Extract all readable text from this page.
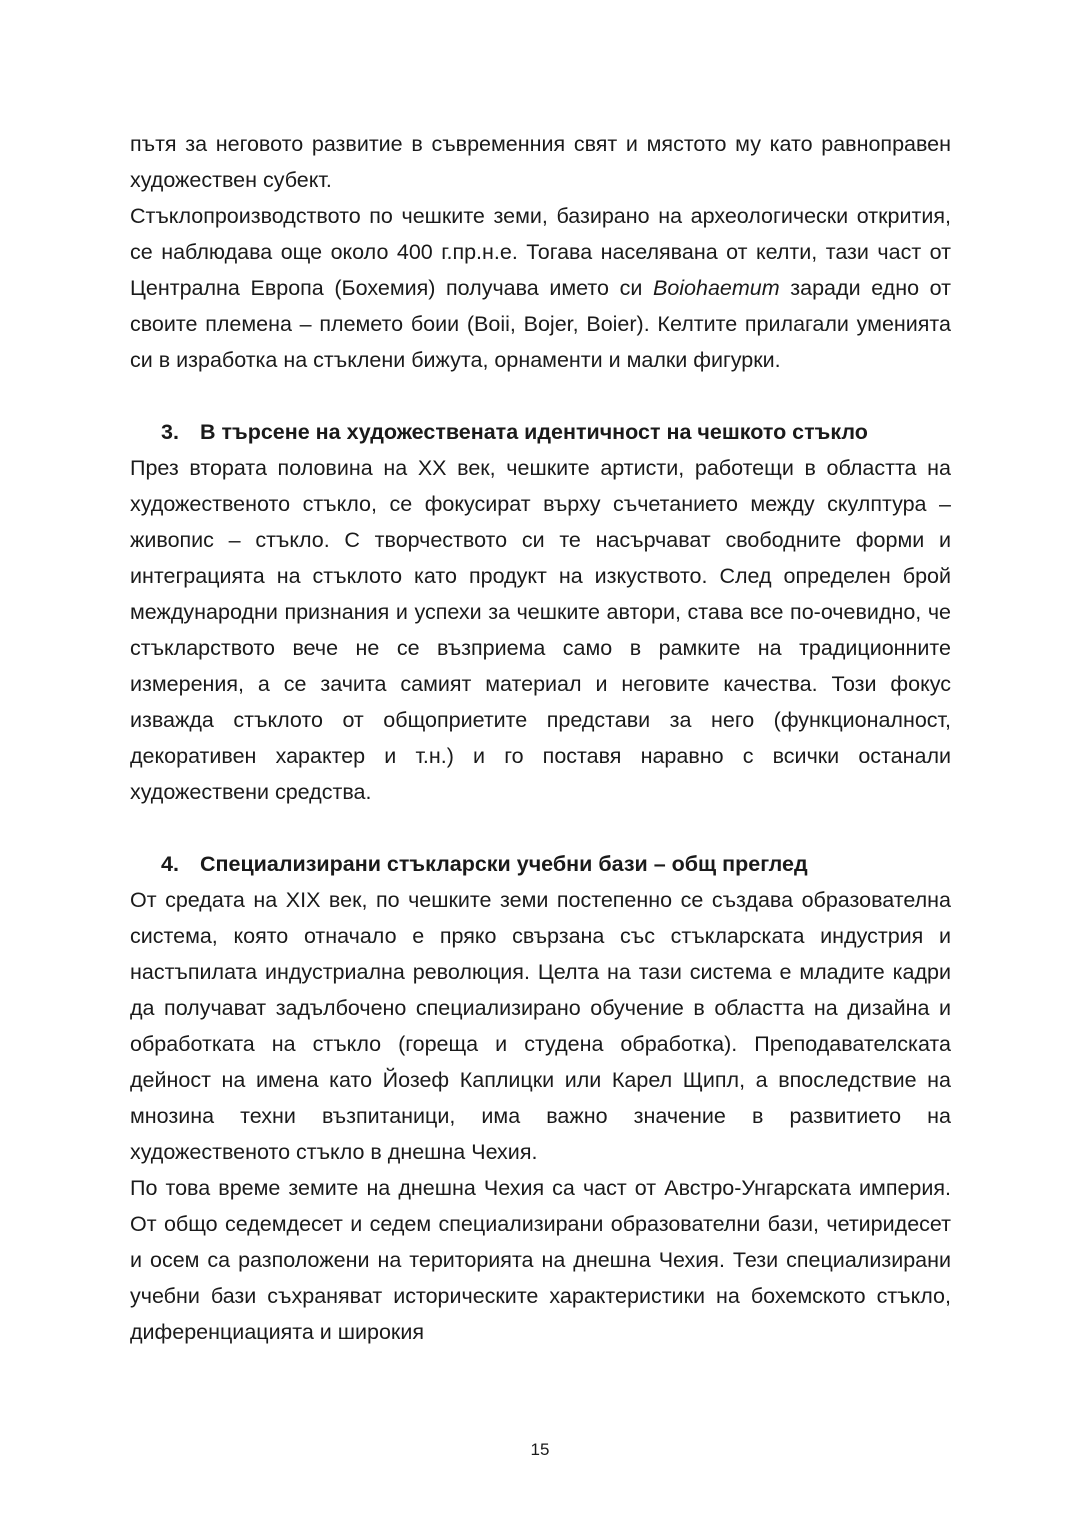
пътя за неговото развитие в съвременния свят и мястото му като равноправен художествен субект.

Стъклопроизводството по чешките земи, базирано на археологически открития, се наблюдава още около 400 г.пр.н.е. Тогава населявана от келти, тази част от Централна Европа (Бохемия) получава името си Boiohaemum заради едно от своите племена – племето боии (Boii, Bojer, Boier). Келтите прилагали уменията си в изработка на стъклени бижута, орнаменти и малки фигурки.

3. В търсене на художествената идентичност на чешкото стъкло

През втората половина на XX век, чешките артисти, работещи в областта на художественото стъкло, се фокусират върху съчетанието между скулптура – живопис – стъкло. С творчеството си те насърчават свободните форми и интеграцията на стъклото като продукт на изкуството. След определен брой международни признания и успехи за чешките автори, става все по-очевидно, че стъкларството вече не се възприема само в рамките на традиционните измерения, а се зачита самият материал и неговите качества. Този фокус изважда стъклото от общоприетите представи за него (функционалност, декоративен характер и т.н.) и го поставя наравно с всички останали художествени средства.

4. Специализирани стъкларски учебни бази – общ преглед

От средата на XIX век, по чешките земи постепенно се създава образователна система, която отначало е пряко свързана със стъкларската индустрия и настъпилата индустриална революция. Целта на тази система е младите кадри да получават задълбочено специализирано обучение в областта на дизайна и обработката на стъкло (гореща и студена обработка). Преподавателската дейност на имена като Йозеф Каплицки или Карел Щипл, а впоследствие на мнозина техни възпитаници, има важно значение в развитието на художественото стъкло в днешна Чехия.

По това време земите на днешна Чехия са част от Австро-Унгарската империя. От общо седемдесет и седем специализирани образователни бази, четиридесет и осем са разположени на територията на днешна Чехия. Тези специализирани учебни бази съхраняват историческите характеристики на бохемското стъкло, диференциацията и широкия

15
